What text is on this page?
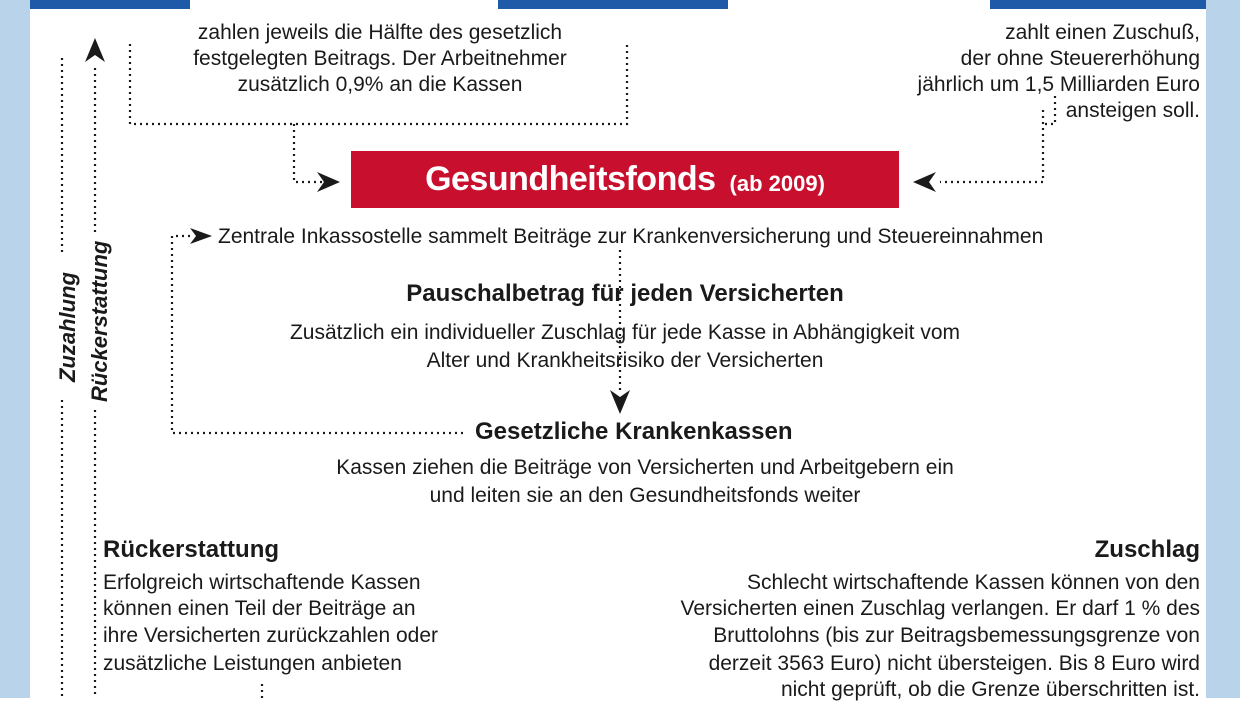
zahlen jeweils die Hälfte des gesetzlich
festgelegten Beitrags. Der Arbeitnehmer
zusätzlich 0,9% an die Kassen
zahlt einen Zuschuß,
der ohne Steuererhöhung
jährlich um 1,5 Milliarden Euro
ansteigen soll.
Gesundheitsfonds (ab 2009)
Zentrale Inkassostelle sammelt Beiträge zur Krankenversicherung und Steuereinnahmen
Pauschalbetrag für jeden Versicherten
Zusätzlich ein individueller Zuschlag für jede Kasse in Abhängigkeit vom
Alter und Krankheitsrisiko der Versicherten
Gesetzliche Krankenkassen
Kassen ziehen die Beiträge von Versicherten und Arbeitgebern ein
und leiten sie an den Gesundheitsfonds weiter
Rückerstattung
Erfolgreich wirtschaftende Kassen
können einen Teil der Beiträge an
ihre Versicherten zurückzahlen oder
zusätzliche Leistungen anbieten
Zuschlag
Schlecht wirtschaftende Kassen können von den
Versicherten einen Zuschlag verlangen. Er darf 1 % des
Bruttolohns (bis zur Beitragsbemessungsgrenze von
derzeit 3563 Euro) nicht übersteigen. Bis 8 Euro wird
nicht geprüft, ob die Grenze überschritten ist.
Zuzahlung Rückerstattung
